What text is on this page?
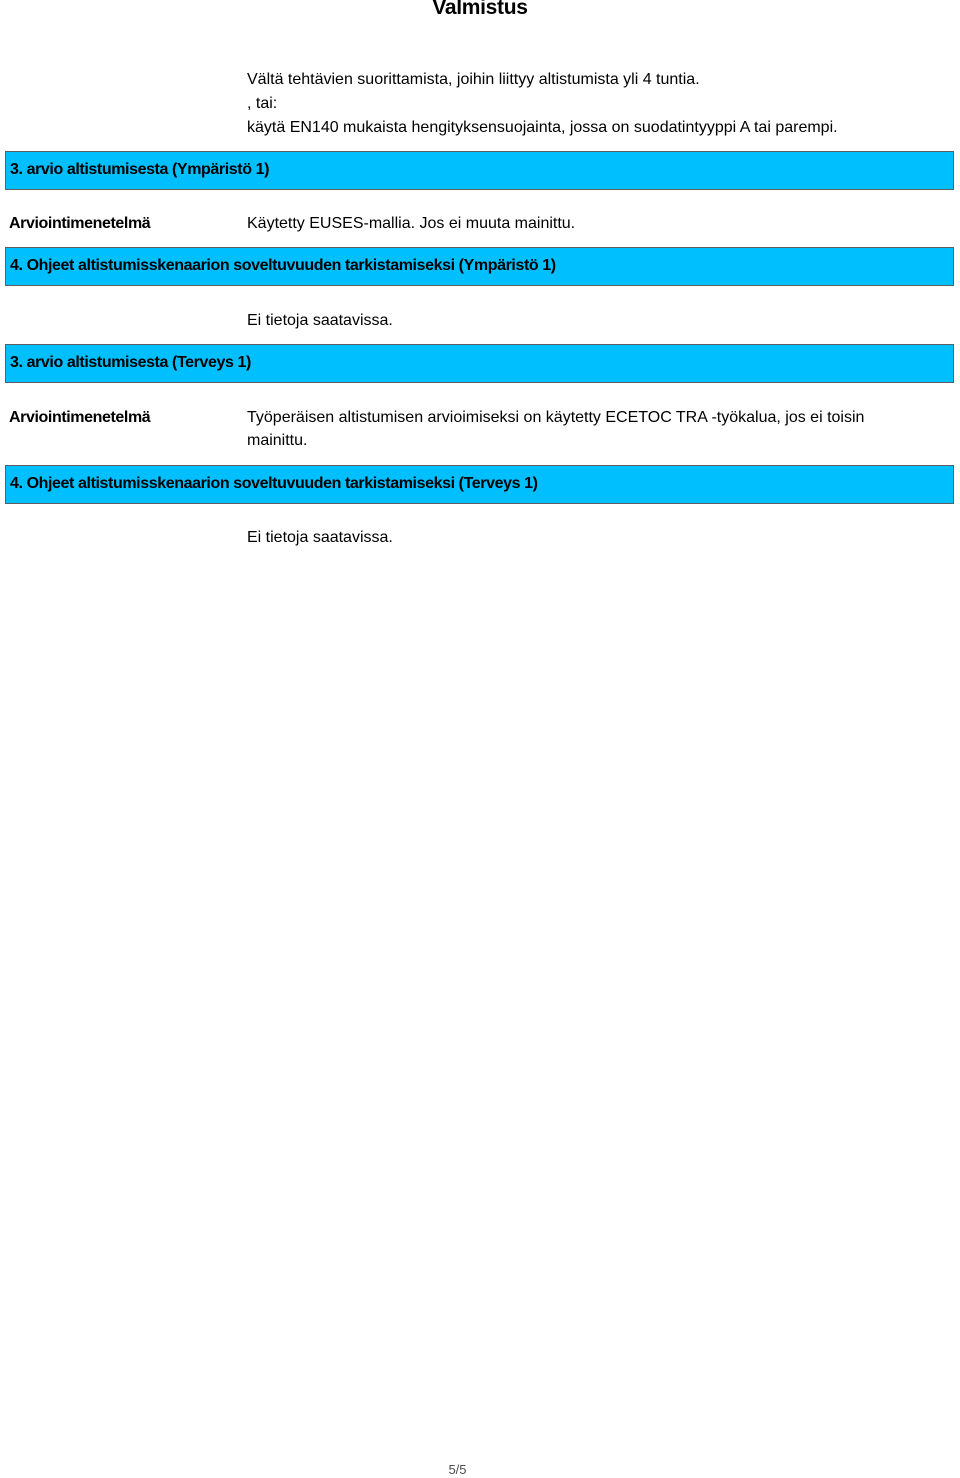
Valmistus
Vältä tehtävien suorittamista, joihin liittyy altistumista yli 4 tuntia.
, tai:
käytä EN140 mukaista hengityksensuojainta, jossa on suodatintyyppi A tai parempi.
3. arvio altistumisesta (Ympäristö 1)
Arviointimenetelmä	Käytetty EUSES-mallia. Jos ei muuta mainittu.
4. Ohjeet altistumisskenaarion soveltuvuuden tarkistamiseksi (Ympäristö 1)
Ei tietoja saatavissa.
3. arvio altistumisesta (Terveys 1)
Arviointimenetelmä	Työperäisen altistumisen arvioimiseksi on käytetty ECETOC TRA -työkalua, jos ei toisin mainittu.
4. Ohjeet altistumisskenaarion soveltuvuuden tarkistamiseksi (Terveys 1)
Ei tietoja saatavissa.
5/5
